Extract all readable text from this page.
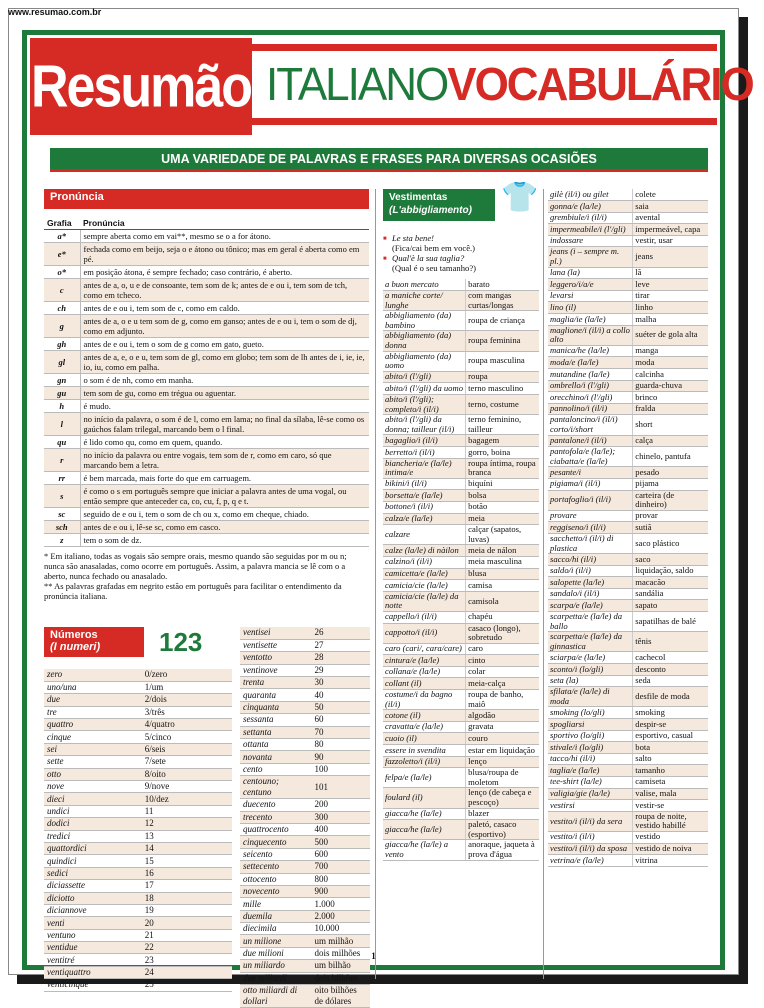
www.resumao.com.br
Resumão ITALIANOVOCABULÁRIO
UMA VARIEDADE DE PALAVRAS E FRASES PARA DIVERSAS OCASIÕES
Pronúncia
Grafia	Pronúncia
a*	sempre aberta como em vai**, mesmo se o a for átono.
e*	fechada como em beijo, seja o e átono ou tônico; mas em geral é aberta como em pé.
o*	em posição átona, é sempre fechado; caso contrário, é aberto.
c	antes de a, o, u e de consoante, tem som de k; antes de e ou i, tem som de tch, como em tcheco.
ch	antes de e ou i, tem som de c, como em caldo.
g	antes de a, o e u tem som de g, como em ganso; antes de e ou i, tem o som de dj, como em adjunto.
gh	antes de e ou i, tem o som de g como em gato, gueto.
gl	antes de a, e, o e u, tem som de gl, como em globo; tem som de lh antes de i, ie, ie, io, iu, como em palha.
gn	o som é de nh, como em manha.
gu	tem som de gu, como em trégua ou aguentar.
h	é mudo.
l	no início da palavra, o som é de l, como em lama; no final da sílaba, lê-se como os gaúchos falam trilegal, marcando bem o l final.
qu	é lido como qu, como em quem, quando.
r	no início da palavra ou entre vogais, tem som de r, como em caro, só que marcando bem a letra.
rr	é bem marcada, mais forte do que em carruagem.
s	é como o s em português sempre que iniciar a palavra antes de uma vogal, ou então sempre que anteceder ca, co, cu, f, p, q e t.
sc	seguido de e ou i, tem o som de ch ou x, como em cheque, chiado.
sch	antes de e ou i, lê-se sc, como em casco.
z	tem o som de dz.

* Em italiano, todas as vogais são sempre orais, mesmo quando são seguidas por m ou n; nunca são anasaladas, como ocorre em português. Assim, a palavra mancia se lê com o a aberto, nunca fechado ou anasalado.

** As palavras grafadas em negrito estão em português para facilitar o entendimento da pronúncia italiana.

Números
(I numeri)	123
zero	0/zero
uno/una	1/um
due	2/dois
tre	3/três
quattro	4/quatro
cinque	5/cinco
sei	6/seis
sette	7/sete
otto	8/oito
nove	9/nove
dieci	10/dez
undici	11
dodici	12
tredici	13
quattordici	14
quindici	15
sedici	16
diciassette	17
diciotto	18
diciannove	19
venti	20
ventuno	21
ventidue	22
ventitré	23
ventiquattro	24
venticinque	25
ventisei	26
ventisette	27
ventotto	28
ventinove	29
trenta	30
quaranta	40
cinquanta	50
sessanta	60
settanta	70
ottanta	80
novanta	90
cento	100
centouno; centuno	101
duecento	200
trecento	300
quattrocento	400
cinquecento	500
seicento	600
settecento	700
ottocento	800
novecento	900
mille	1.000
duemila	2.000
diecimila	10.000
un milione	um milhão
due milioni	dois milhões
un miliardo	um bilhão
due miliardi	dois bilhões
otto miliardi di dollari	oito bilhões de dólares
Vestimentas
(L'abbigliamento) 👕
■ Le sta bene!
(Fica/cai bem em você.)
■ Qual'è la sua taglia?
(Qual é o seu tamanho?)
a buon mercato	barato
a maniche corte/ lunghe	com mangas curtas/longas
abbigliamento (da) bambino	roupa de criança
abbigliamento (da) donna	roupa feminina
abbigliamento (da) uomo	roupa masculina
abito/i (l'/gli)	roupa
abito/i (l'/gli) da uomo	terno masculino
abito/i (l'/gli); completo/i (il/i)	terno, costume
abito/i (l'/gli) da donna; tailleur (il/i)	terno feminino, tailleur
bagaglio/i (il/i)	bagagem
berretto/i (il/i)	gorro, boina
biancheria/e (la/le) intima/e	roupa íntima, roupa branca
bikini/i (il/i)	biquíni
borsetta/e (la/le)	bolsa
bottone/i (il/i)	botão
calza/e (la/le)	meia
calzare	calçar (sapatos, luvas)
calze (la/le) di nàilon	meia de nálon
calzino/i (il/i)	meia masculina
camicetta/e (la/le)	blusa
camicia/cie (la/le)	camisa
camicia/cie (la/le) da notte	camisola
cappello/i (il/i)	chapéu
cappotto/i (il/i)	casaco (longo), sobretudo
caro (cari/, cara/care)	caro
cintura/e (la/le)	cinto
collana/e (la/le)	colar
collant (il)	meia-calça
costume/i da bagno (il/i)	roupa de banho, maiô
cotone (il)	algodão
cravatta/e (la/le)	gravata
cuoio (il)	couro
essere in svendita	estar em liquidação
fazzoletto/i (il/i)	lenço
felpa/e (la/le)	blusa/roupa de moletom
foulard (il)	lenço (de cabeça e pescoço)
giacca/he (la/le)	blazer
giacca/he (la/le)	paletó, casaco (esportivo)
giacca/he (la/le) a vento	anoraque, jaqueta à prova d'água
gilè (il/i) ou gilet	colete
gonna/e (la/le)	saia
grembiule/i (il/i)	avental
impermeabile/i (l'/gli)	impermeável, capa
indossare	vestir, usar
jeans (i – sempre m. pl.)	jeans
lana (la)	lã
leggero/i/a/e	leve
levarsi	tirar
lino (il)	linho
maglia/ie (la/le)	malha
maglione/i (il/i) a collo alto	suéter de gola alta
manica/he (la/le)	manga
moda/e (la/le)	moda
mutandine (la/le)	calcinha
ombrello/i (l'/gli)	guarda-chuva
orecchino/i (l'/gli)	brinco
pannolino/i (il/i)	fralda
pantaloncino/i (il/i) corto/i/short	short
pantalone/i (il/i)	calça
pantofola/e (la/le); ciabatta/e (la/le)	chinelo, pantufa
pesante/i	pesado
pigiama/i (il/i)	pijama
portafoglio/i (il/i)	carteira (de dinheiro)
provare	provar
reggiseno/i (il/i)	sutiã
sacchetto/i (il/i) di plastica	saco plástico
sacco/hi (il/i)	saco
saldo/i (il/i)	liquidação, saldo
salopette (la/le)	macacão
sandalo/i (il/i)	sandália
scarpa/e (la/le)	sapato
scarpetta/e (la/le) da ballo	sapatilhas de balé
scarpetta/e (la/le) da ginnastica	tênis
sciarpa/e (la/le)	cachecol
sconto/i (lo/gli)	desconto
seta (la)	seda
sfilata/e (la/le) di moda	desfile de moda
smoking (lo/gli)	smoking
spogliarsi	despir-se
sportivo (lo/gli)	esportivo, casual
stivale/i (lo/gli)	bota
tacco/hi (il/i)	salto
taglia/e (la/le)	tamanho
tee-shirt (la/le)	camiseta
valigia/gie (la/le)	valise, mala
vestirsi	vestir-se
vestito/i (il/i) da sera	roupa de noite, vestido habillé
vestito/i (il/i)	vestido
vestito/i (il/i) da sposa	vestido de noiva
vetrina/e (la/le)	vitrina
1
